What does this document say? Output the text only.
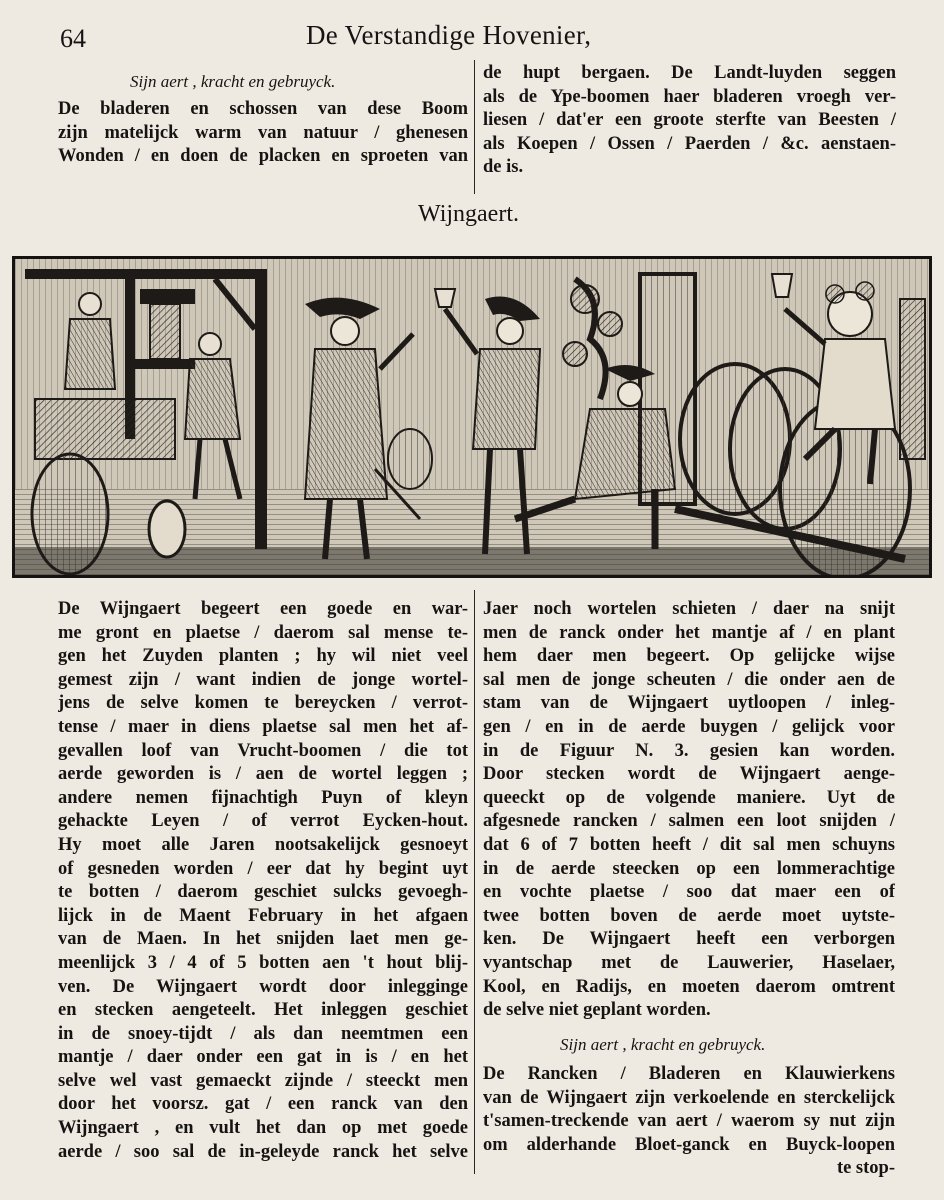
64	De Verstandige Hovenier,
Sijn aert , kracht en gebruyck.
De bladeren en schossen van dese Boom
zijn matelijck warm van natuur / ghenesen
Wonden / en doen de placken en sproeten van
de hupt bergaen. De Landt-luyden seggen
als de Ype-boomen haer bladeren vroegh ver-
liesen / dat'er een groote sterfte van Beesten /
als Koepen / Ossen / Paerden / &c. aenstaen-
de is.
Wijngaert.
De Wijngaert begeert een goede en war-
me gront en plaetse / daerom sal mense te-
gen het Zuyden planten ; hy wil niet veel
gemest zijn / want indien de jonge wortel-
jens de selve komen te bereycken / verrot-
tense / maer in diens plaetse sal men het af-
gevallen loof van Vrucht-boomen / die tot
aerde geworden is / aen de wortel leggen ;
andere nemen fijnachtigh Puyn of kleyn
gehackte Leyen / of verrot Eycken-hout.
Hy moet alle Jaren nootsakelijck gesnoeyt
of gesneden worden / eer dat hy begint uyt
te botten / daerom geschiet sulcks gevoegh-
lijck in de Maent February in het afgaen
van de Maen. In het snijden laet men ge-
meenlijck 3 / 4 of 5 botten aen 't hout blij-
ven. De Wijngaert wordt door inlegginge
en stecken aengeteelt. Het inleggen geschiet
in de snoey-tijdt / als dan neemtmen een
mantje / daer onder een gat in is / en het
selve wel vast gemaeckt zijnde / steeckt men
door het voorsz. gat / een ranck van den
Wijngaert , en vult het dan op met goede
aerde / soo sal de in-geleyde ranck het selve
Jaer noch wortelen schieten / daer na snijt
men de ranck onder het mantje af / en plant
hem daer men begeert. Op gelijcke wijse
sal men de jonge scheuten / die onder aen de
stam van de Wijngaert uytloopen / inleg-
gen / en in de aerde buygen / gelijck voor
in de Figuur N. 3. gesien kan worden.
Door stecken wordt de Wijngaert aenge-
queeckt op de volgende maniere. Uyt de
afgesnede rancken / salmen een loot snijden /
dat 6 of 7 botten heeft / dit sal men schuyns
in de aerde steecken op een lommerachtige
en vochte plaetse / soo dat maer een of
twee botten boven de aerde moet uytste-
ken. De Wijngaert heeft een verborgen
vyantschap met de Lauwerier, Haselaer,
Kool, en Radijs, en moeten daerom omtrent
de selve niet geplant worden.
Sijn aert , kracht en gebruyck.
De Rancken / Bladeren en Klauwierkens
van de Wijngaert zijn verkoelende en sterckelijck
t'samen-treckende van aert / waerom sy nut zijn
om alderhande Bloet-ganck en Buyck-loopen
te stop-
